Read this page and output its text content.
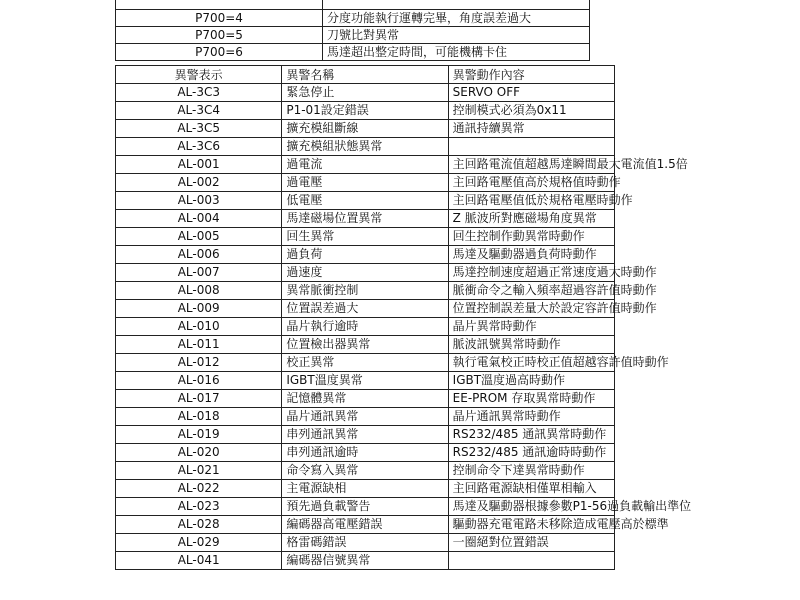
P700=4	分度功能執行運轉完畢，角度誤差過大
P700=5	刀號比對異常
P700=6	馬達超出整定時間，可能機構卡住
異警表示	異警名稱	異警動作內容
AL-3C3	緊急停止	SERVO OFF
AL-3C4	P1-01設定錯誤	控制模式必須為0x11
AL-3C5	擴充模組斷線	通訊持續異常
AL-3C6	擴充模組狀態異常	
AL-001	過電流	主回路電流值超越馬達瞬間最大電流值1.5倍
AL-002	過電壓	主回路電壓值高於規格值時動作
AL-003	低電壓	主回路電壓值低於規格電壓時動作
AL-004	馬達磁場位置異常	Z 脈波所對應磁場角度異常
AL-005	回生異常	回生控制作動異常時動作
AL-006	過負荷	馬達及驅動器過負荷時動作
AL-007	過速度	馬達控制速度超過正常速度過大時動作
AL-008	異常脈衝控制	脈衝命令之輸入頻率超過容許值時動作
AL-009	位置誤差過大	位置控制誤差量大於設定容許值時動作
AL-010	晶片執行逾時	晶片異常時動作
AL-011	位置檢出器異常	脈波訊號異常時動作
AL-012	校正異常	執行電氣校正時校正值超越容許值時動作
AL-016	IGBT溫度異常	IGBT溫度過高時動作
AL-017	記憶體異常	EE-PROM 存取異常時動作
AL-018	晶片通訊異常	晶片通訊異常時動作
AL-019	串列通訊異常	RS232/485 通訊異常時動作
AL-020	串列通訊逾時	RS232/485 通訊逾時時動作
AL-021	命令寫入異常	控制命令下達異常時動作
AL-022	主電源缺相	主回路電源缺相僅單相輸入
AL-023	預先過負載警告	馬達及驅動器根據參數P1-56過負載輸出準位
AL-028	編碼器高電壓錯誤	驅動器充電電路未移除造成電壓高於標準
AL-029	格雷碼錯誤	一圈絕對位置錯誤
AL-041	編碼器信號異常	
